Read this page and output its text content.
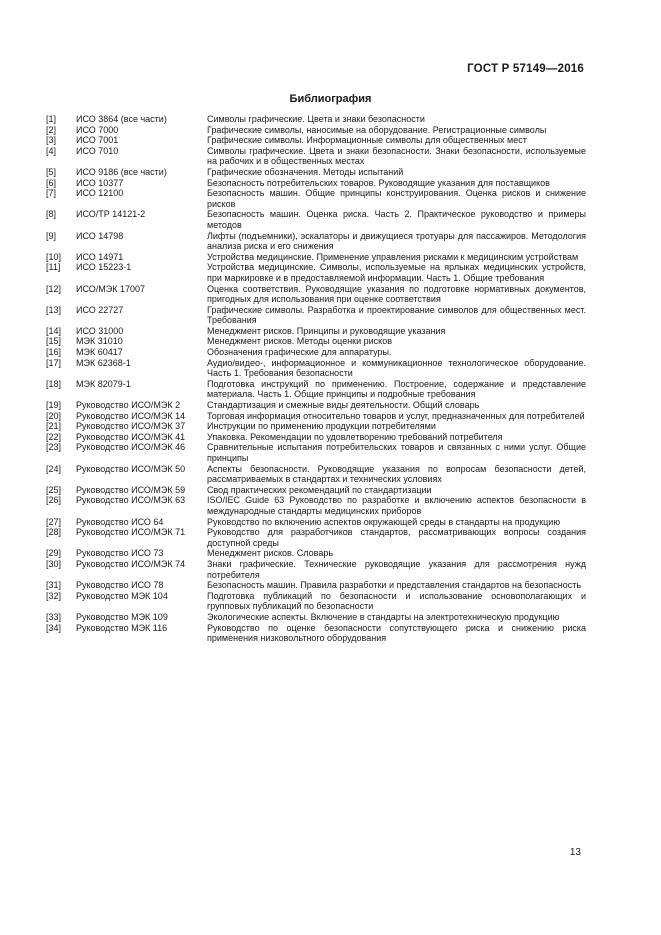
ГОСТ Р 57149—2016
Библиография
[1]	ИСО 3864 (все части)	Символы графические. Цвета и знаки безопасности
[2]	ИСО 7000	Графические символы, наносимые на оборудование. Регистрационные символы
[3]	ИСО 7001	Графические символы. Информационные символы для общественных мест
[4]	ИСО 7010	Символы графические. Цвета и знаки безопасности. Знаки безопасности, используемые на рабочих и в общественных местах
[5]	ИСО 9186 (все части)	Графические обозначения. Методы испытаний
[6]	ИСО 10377	Безопасность потребительских товаров. Руководящие указания для поставщиков
[7]	ИСО 12100	Безопасность машин. Общие принципы конструирования. Оценка рисков и снижение рисков
[8]	ИСО/ТР 14121-2	Безопасность машин. Оценка риска. Часть 2. Практическое руководство и примеры методов
[9]	ИСО 14798	Лифты (подъемники), эскалаторы и движущиеся тротуары для пассажиров. Методология анализа риска и его снижения
[10]	ИСО 14971	Устройства медицинские. Применение управления рисками к медицинским устройствам
[11]	ИСО 15223-1	Устройства медицинские. Символы, используемые на ярлыках медицинских устройств, при маркировке и в предоставляемой информации. Часть 1. Общие требования
[12]	ИСО/МЭК 17007	Оценка соответствия. Руководящие указания по подготовке нормативных документов, пригодных для использования при оценке соответствия
[13]	ИСО 22727	Графические символы. Разработка и проектирование символов для общественных мест. Требования
[14]	ИСО 31000	Менеджмент рисков. Принципы и руководящие указания
[15]	МЭК 31010	Менеджмент рисков. Методы оценки рисков
[16]	МЭК 60417	Обозначения графические для аппаратуры.
[17]	МЭК 62368-1	Аудио/видео-, информационное и коммуникационное технологическое оборудование. Часть 1. Требования безопасности
[18]	МЭК 82079-1	Подготовка инструкций по применению. Построение, содержание и представление материала. Часть 1. Общие принципы и подробные требования
[19]	Руководство ИСО/МЭК 2	Стандартизация и смежные виды деятельности. Общий словарь
[20]	Руководство ИСО/МЭК 14	Торговая информация относительно товаров и услуг, предназначенных для потребителей
[21]	Руководство ИСО/МЭК 37	Инструкции по применению продукции потребителями
[22]	Руководство ИСО/МЭК 41	Упаковка. Рекомендации по удовлетворению требований потребителя
[23]	Руководство ИСО/МЭК 46	Сравнительные испытания потребительских товаров и связанных с ними услуг. Общие принципы
[24]	Руководство ИСО/МЭК 50	Аспекты безопасности. Руководящие указания по вопросам безопасности детей, рассматриваемых в стандартах и технических условиях
[25]	Руководство ИСО/МЭК 59	Свод практических рекомендаций по стандартизации
[26]	Руководство ИСО/МЭК 63	ISO/IEC Guide 63 Руководство по разработке и включению аспектов безопасности в международные стандарты медицинских приборов
[27]	Руководство ИСО 64	Руководство по включению аспектов окружающей среды в стандарты на продукцию
[28]	Руководство ИСО/МЭК 71	Руководство для разработчиков стандартов, рассматривающих вопросы создания доступной среды
[29]	Руководство ИСО 73	Менеджмент рисков. Словарь
[30]	Руководство ИСО/МЭК 74	Знаки графические. Технические руководящие указания для рассмотрения нужд потребителя
[31]	Руководство ИСО 78	Безопасность машин. Правила разработки и представления стандартов на безопасность
[32]	Руководство МЭК 104	Подготовка публикаций по безопасности и использование основополагающих и групповых публикаций по безопасности
[33]	Руководство МЭК 109	Экологические аспекты. Включение в стандарты на электротехническую продукцию
[34]	Руководство МЭК 116	Руководство по оценке безопасности сопутствующего риска и снижению риска применения низковольтного оборудования
13
